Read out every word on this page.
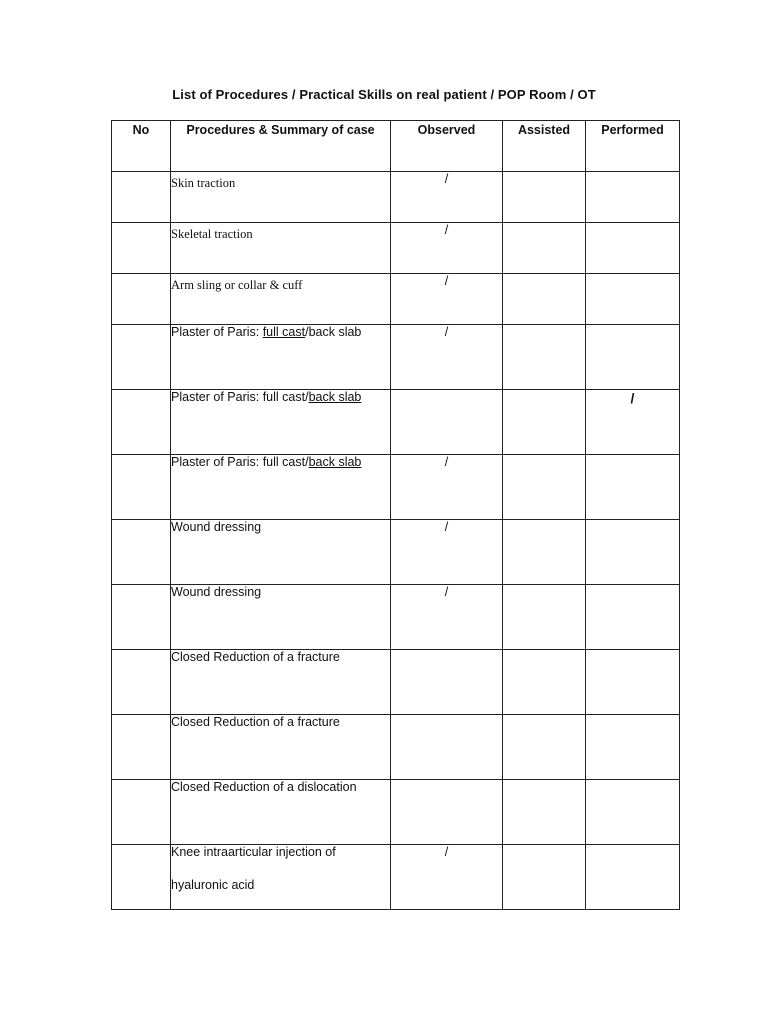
List of Procedures / Practical Skills on real patient / POP Room / OT
No	Procedures & Summary of case	Observed	Assisted	Performed
	Skin traction	/		
	Skeletal traction	/		
	Arm sling or collar & cuff	/		
	Plaster of Paris: full cast/back slab	/		
	Plaster of Paris: full cast/back slab			/
	Plaster of Paris: full cast/back slab	/		
	Wound dressing	/		
	Wound dressing	/		
	Closed Reduction of a fracture			
	Closed Reduction of a fracture			
	Closed Reduction of a dislocation			
	Knee intraarticular injection of
hyaluronic acid	/		
